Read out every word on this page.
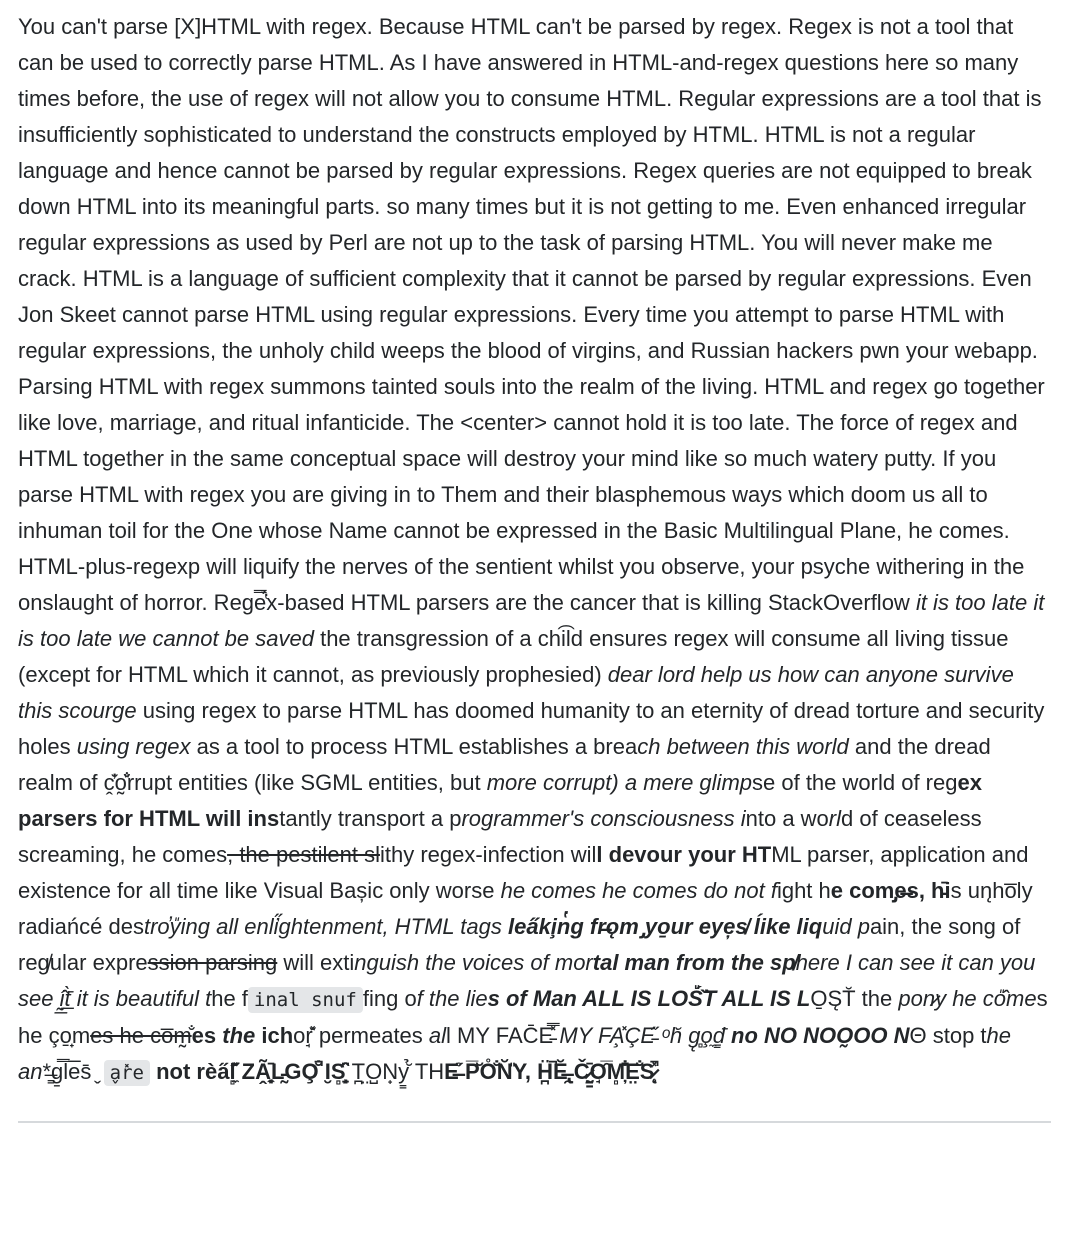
You can't parse [X]HTML with regex. Because HTML can't be parsed by regex. Regex is not a tool that can be used to correctly parse HTML. As I have answered in HTML-and-regex questions here so many times before, the use of regex will not allow you to consume HTML. Regular expressions are a tool that is insufficiently sophisticated to understand the constructs employed by HTML. HTML is not a regular language and hence cannot be parsed by regular expressions. Regex queries are not equipped to break down HTML into its meaningful parts. so many times but it is not getting to me. Even enhanced irregular regular expressions as used by Perl are not up to the task of parsing HTML. You will never make me crack. HTML is a language of sufficient complexity that it cannot be parsed by regular expressions. Even Jon Skeet cannot parse HTML using regular expressions. Every time you attempt to parse HTML with regular expressions, the unholy child weeps the blood of virgins, and Russian hackers pwn your webapp. Parsing HTML with regex summons tainted souls into the realm of the living. HTML and regex go together like love, marriage, and ritual infanticide. The <center> cannot hold it is too late. The force of regex and HTML together in the same conceptual space will destroy your mind like so much watery putty. If you parse HTML with regex you are giving in to Them and their blasphemous ways which doom us all to inhuman toil for the One whose Name cannot be expressed in the Basic Multilingual Plane, he comes. HTML-plus-regexp will liquify the nerves of the sentient whilst you observe, your psyche withering in the onslaught of horror. Rege̿̔̉x-based HTML parsers are the cancer that is killing StackOverflow it is too late it is too late we cannot be saved the transgression of a chi͡ld ensures regex will consume all living tissue (except for HTML which it cannot, as previously prophesied) dear lord help us how can anyone survive this scourge using regex to parse HTML has doomed humanity to an eternity of dread torture and security holes using regex as a tool to process HTML establishes a breach between this world and the dread realm of c̭̆̓o̰̎̐rrupt entities (like SGML entities, but more corrupt) a mere glimpse of the world of regex parsers for HTML will instantly transport a programmer's consciousness into a world of ceaseless screaming, he comes, the pestilent slithy regex-infection will devour your HTML parser, application and existence for all time like Visual Bașic only worse he comes he comes do not fight he com̡e̶s, h̵̄is un̨ho̅ly radiańcé destro̕y̎ing all enli̋̍ghtenment, HTML tags lea̋ki̧n̔g fr̶ǫm ̡yo̱ur eye̦s̸ ĺike liquid pain, the song of reg̸ular expression parsing will extinguish the voices of mortal man from the sp̸here I can see it can you see ḭ̲̂t̲̄̀ it is beautiful the f inal snuf fing of the lies of Man ALL IS LOŚ̎̏T ALL IS LO̱S̨T̆ the pon̷y he co̎̂mes he ço̱̟mes he co̅m̰̐es the ichor̘̆̽ permeates all MY FAC̄E̵̿̽ MY FA̧̽ÇE̵̋ ᵒh̆ g̨̻o̧̼d̳̄ no NO NOO̰OO NΘ stop the an*̶̳g̱̿le̅s̄ ̬ a̬r̽e not rèa̋l̻̼̆̋̽ ZÃ̭̼̘̙̜̄L̵̰GO̧̐̚ I̮S̻̱̘̹̗̝̈̂ T̪̤O̺N̟y̳̆̉ THE̶̊̋ P̅̆O̊̐N̆̎Y, Ḧ̪̚Ĕ̶̢̯ Č̷̮̳̰̄O̘̅̑M̻̦̄̐E̤̐̆S̷̨̘̽̚
